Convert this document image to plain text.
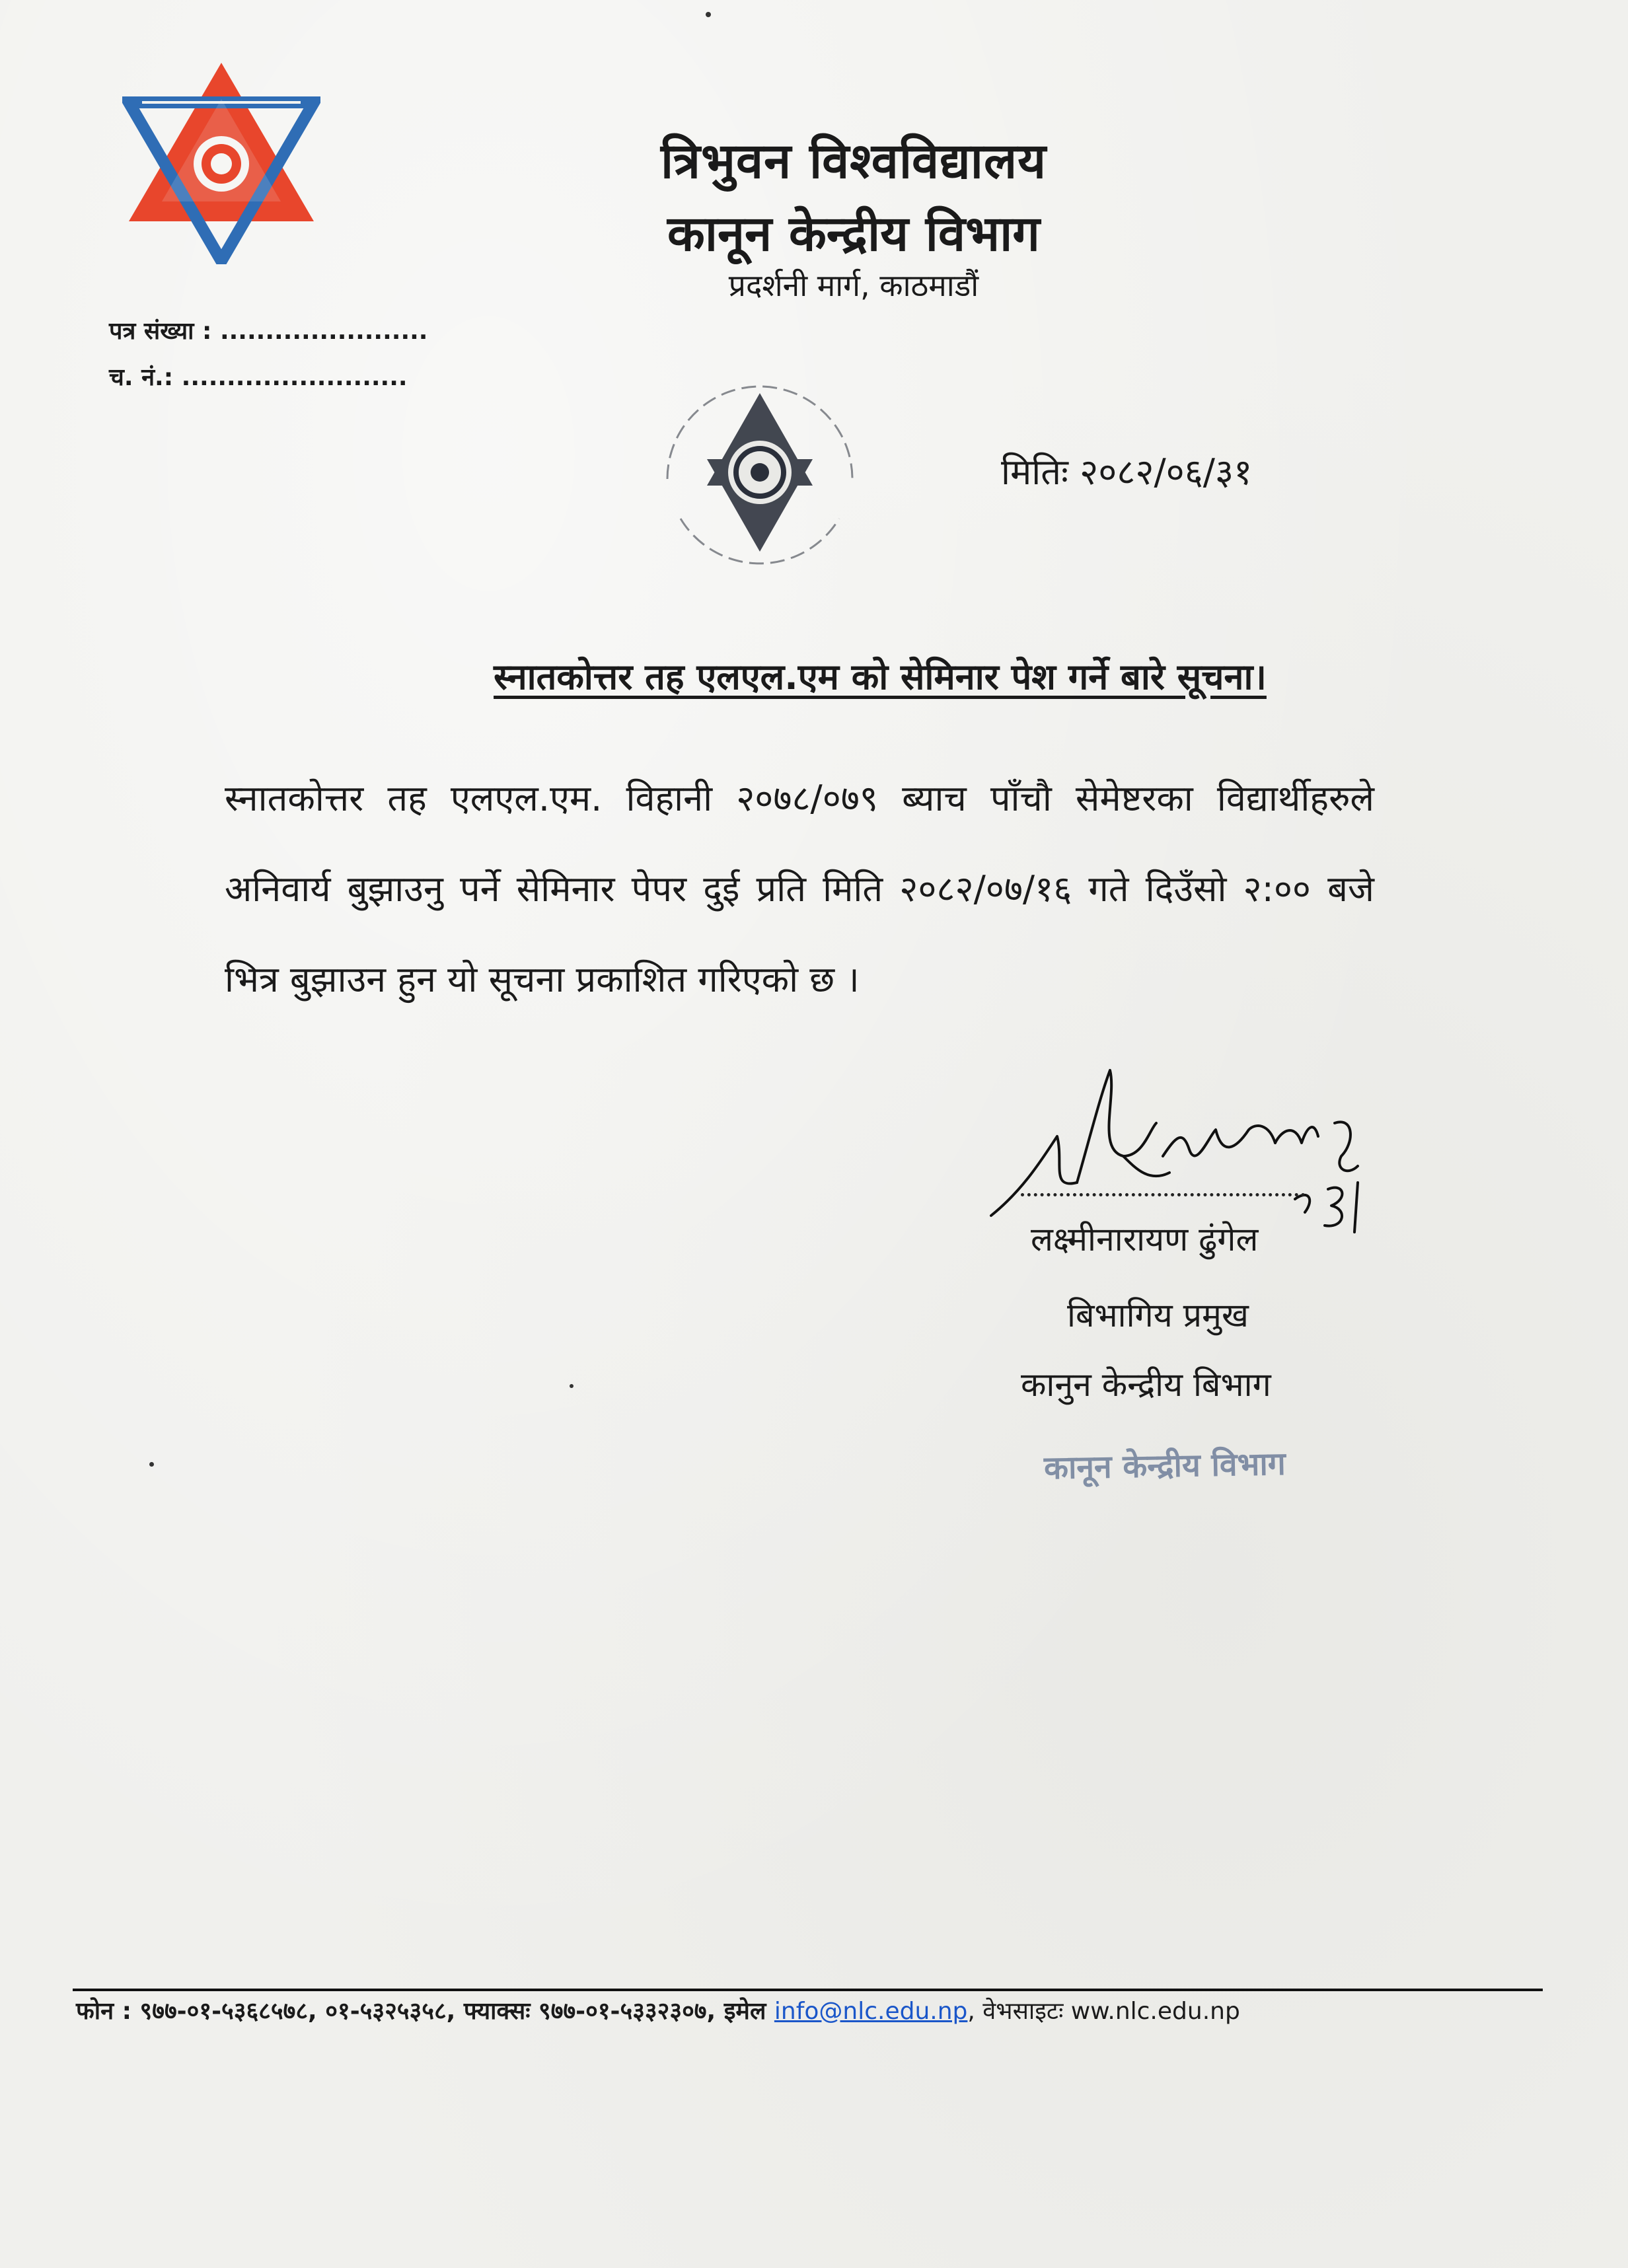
त्रिभुवन विश्वविद्यालय
कानून केन्द्रीय विभाग
प्रदर्शनी मार्ग, काठमाडौं
पत्र संख्या : .......................
च. नं.: .........................
मितिः २०८२/०६/३१
स्नातकोत्तर तह एलएल.एम को सेमिनार पेश गर्ने बारे सूचना।
स्नातकोत्तर तह एलएल.एम. विहानी २०७८/०७९ ब्याच पाँचौ सेमेष्टरका विद्यार्थीहरुले अनिवार्य बुझाउनु पर्ने सेमिनार पेपर दुई प्रति मिति २०८२/०७/१६ गते दिउँसो २:०० बजे भित्र बुझाउन हुन यो सूचना प्रकाशित गरिएको छ ।
लक्ष्मीनारायण ढुंगेल
बिभागिय प्रमुख
कानुन केन्द्रीय बिभाग
कानून केन्द्रीय विभाग
फोन : ९७७-०१-५३६८५७८, ०१-५३२५३५८, फ्याक्सः ९७७-०१-५३३२३०७, इमेल info@nlc.edu.np, वेभसाइटः ww.nlc.edu.np
